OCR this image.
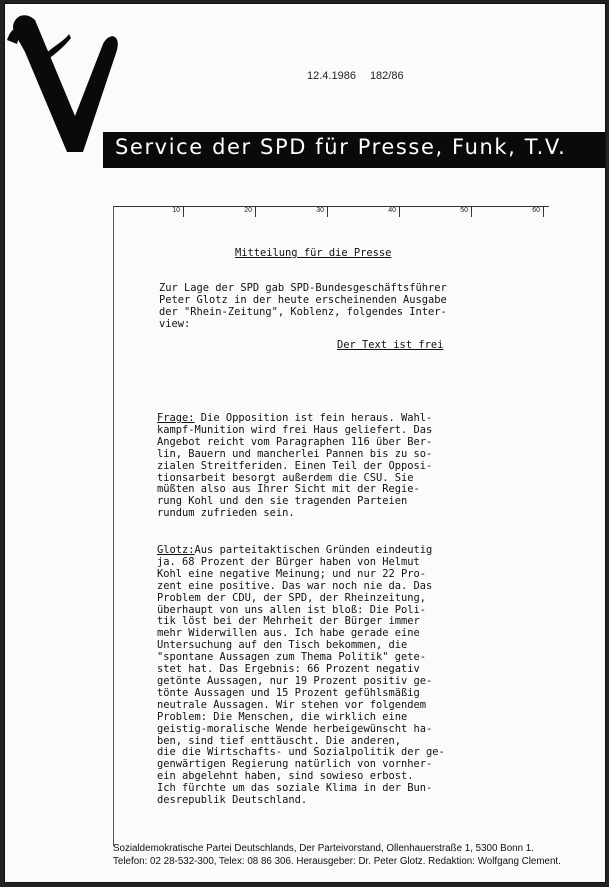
12.4.1986 182/86
Service der SPD für Presse, Funk, T.V.
10	20	30	40	50	60
Mitteilung für die Presse
Zur Lage der SPD gab SPD-Bundesgeschäftsführer
Peter Glotz in der heute erscheinenden Ausgabe
der "Rhein-Zeitung", Koblenz, folgendes Inter-
view:
Der Text ist frei
Frage: Die Opposition ist fein heraus. Wahl-
kampf-Munition wird frei Haus geliefert. Das
Angebot reicht vom Paragraphen 116 über Ber-
lin, Bauern und mancherlei Pannen bis zu so-
zialen Streitferiden. Einen Teil der Opposi-
tionsarbeit besorgt außerdem die CSU. Sie
müßten also aus Ihrer Sicht mit der Regie-
rung Kohl und den sie tragenden Parteien
rundum zufrieden sein.
Glotz:Aus parteitaktischen Gründen eindeutig
ja. 68 Prozent der Bürger haben von Helmut
Kohl eine negative Meinung; und nur 22 Pro-
zent eine positive. Das war noch nie da. Das
Problem der CDU, der SPD, der Rheinzeitung,
überhaupt von uns allen ist bloß: Die Poli-
tik löst bei der Mehrheit der Bürger immer
mehr Widerwillen aus. Ich habe gerade eine
Untersuchung auf den Tisch bekommen, die
"spontane Aussagen zum Thema Politik" gete-
stet hat. Das Ergebnis: 66 Prozent negativ
getönte Aussagen, nur 19 Prozent positiv ge-
tönte Aussagen und 15 Prozent gefühlsmäßig
neutrale Aussagen. Wir stehen vor folgendem
Problem: Die Menschen, die wirklich eine
geistig-moralische Wende herbeigewünscht ha-
ben, sind tief enttäuscht. Die anderen,
die die Wirtschafts- und Sozialpolitik der ge-
genwärtigen Regierung natürlich von vornher-
ein abgelehnt haben, sind sowieso erbost.
Ich fürchte um das soziale Klima in der Bun-
desrepublik Deutschland.
Sozialdemokratische Partei Deutschlands, Der Parteivorstand, Ollenhauerstraße 1, 5300 Bonn 1.
Telefon: 02 28-532-300, Telex: 08 86 306. Herausgeber: Dr. Peter Glotz. Redaktion: Wolfgang Clement.
